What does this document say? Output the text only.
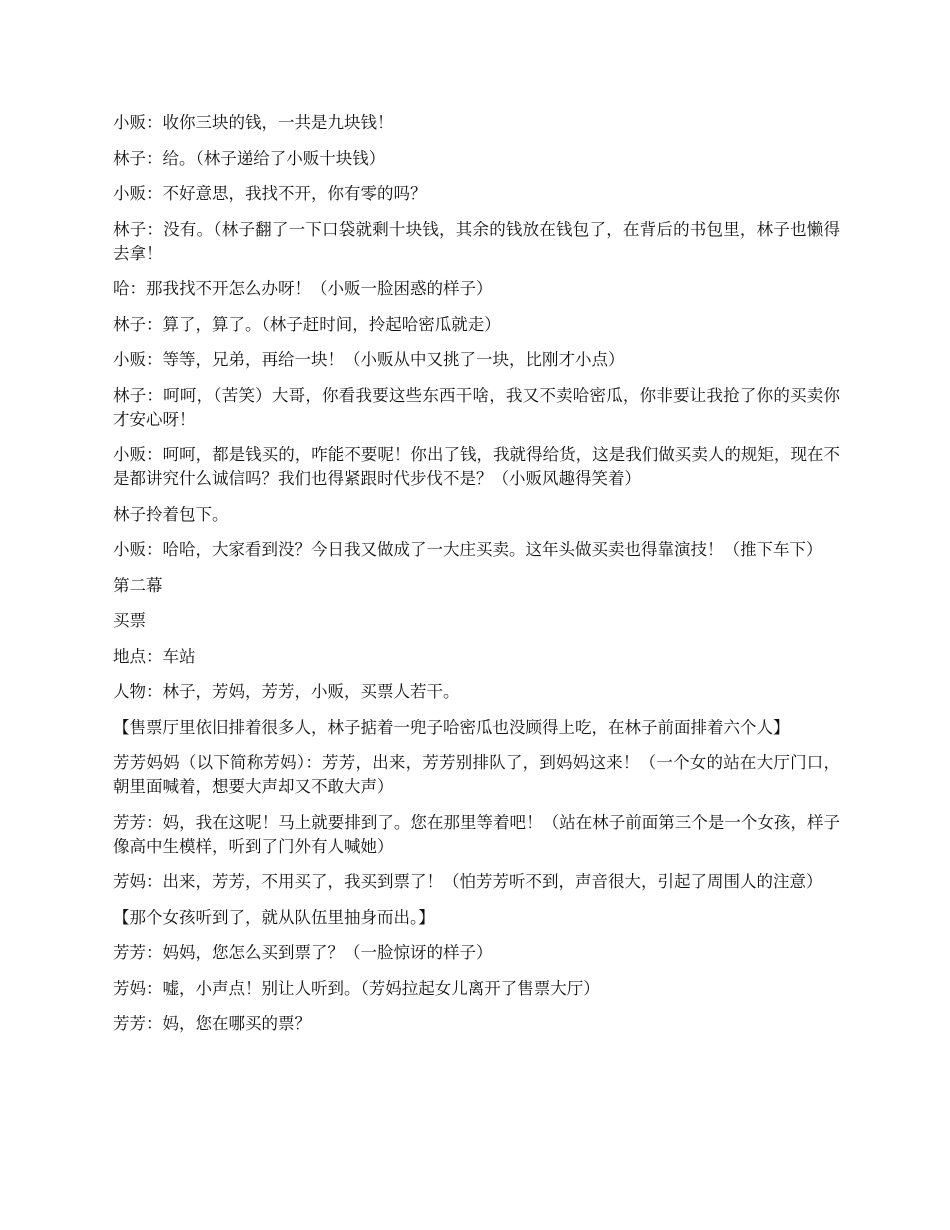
小贩：收你三块的钱，一共是九块钱！

林子：给。（林子递给了小贩十块钱）

小贩：不好意思，我找不开，你有零的吗？

林子：没有。（林子翻了一下口袋就剩十块钱，其余的钱放在钱包了，在背后的书包里，林子也懒得去拿！

哈：那我找不开怎么办呀！（小贩一脸困惑的样子）

林子：算了，算了。（林子赶时间，拎起哈密瓜就走）

小贩：等等，兄弟，再给一块！（小贩从中又挑了一块，比刚才小点）

林子：呵呵，（苦笑）大哥，你看我要这些东西干啥，我又不卖哈密瓜，你非要让我抢了你的买卖你才安心呀！

小贩：呵呵，都是钱买的，咋能不要呢！你出了钱，我就得给货，这是我们做买卖人的规矩，现在不是都讲究什么诚信吗？我们也得紧跟时代步伐不是？（小贩风趣得笑着）

林子拎着包下。

小贩：哈哈，大家看到没？今日我又做成了一大庄买卖。这年头做买卖也得靠演技！（推下车下）

第二幕

买票

地点：车站

人物：林子，芳妈，芳芳，小贩，买票人若干。

【售票厅里依旧排着很多人，林子掂着一兜子哈密瓜也没顾得上吃，在林子前面排着六个人】

芳芳妈妈（以下简称芳妈）：芳芳，出来，芳芳别排队了，到妈妈这来！（一个女的站在大厅门口，朝里面喊着，想要大声却又不敢大声）

芳芳：妈，我在这呢！马上就要排到了。您在那里等着吧！（站在林子前面第三个是一个女孩，样子像高中生模样，听到了门外有人喊她）

芳妈：出来，芳芳，不用买了，我买到票了！（怕芳芳听不到，声音很大，引起了周围人的注意）

【那个女孩听到了，就从队伍里抽身而出。】

芳芳：妈妈，您怎么买到票了？（一脸惊讶的样子）

芳妈：嘘，小声点！别让人听到。（芳妈拉起女儿离开了售票大厅）

芳芳：妈，您在哪买的票？
